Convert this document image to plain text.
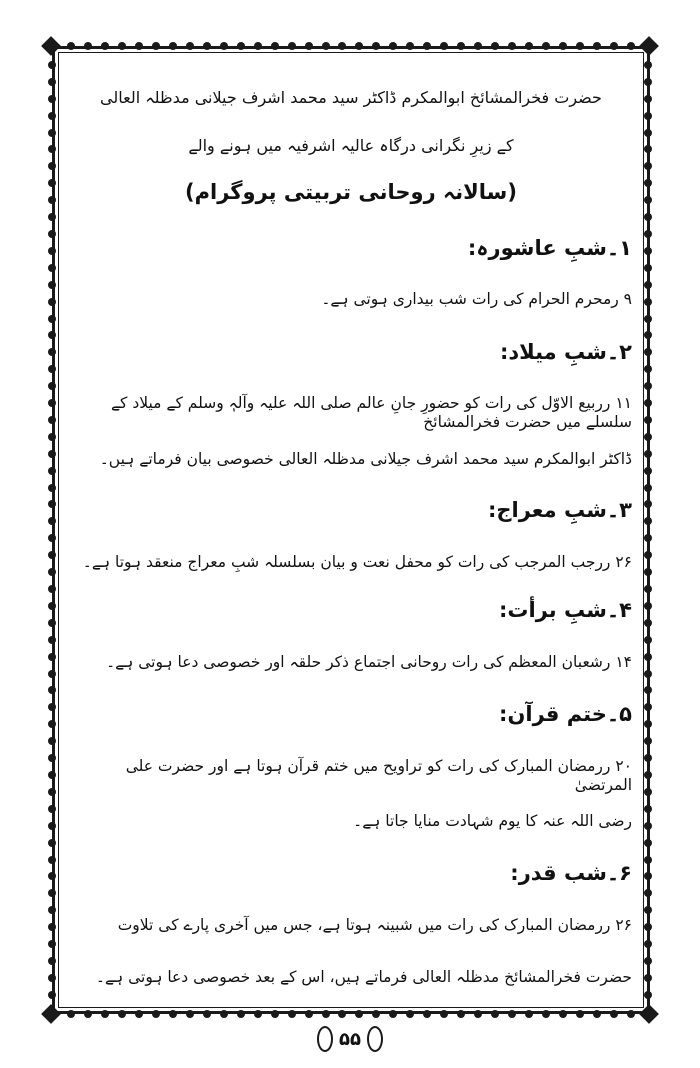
حضرت فخرالمشائخ ابوالمکرم ڈاکٹر سید محمد اشرف جیلانی مدظلہ العالی
کے زیرِ نگرانی درگاہ عالیہ اشرفیہ میں ہونے والے
(سالانہ روحانی تربیتی پروگرام)
۱۔شبِ عاشورہ:
۹ رمحرم الحرام کی رات شب بیداری ہوتی ہے۔
۲۔شبِ میلاد:
۱۱ رربیع الاوّل کی رات کو حضورِ جانِ عالم صلی اللہ علیہ وآلہٖ وسلم کے میلاد کے سلسلے میں حضرت فخرالمشائخ
ڈاکٹر ابوالمکرم سید محمد اشرف جیلانی مدظلہ العالی خصوصی بیان فرماتے ہیں۔
۳۔شبِ معراج:
۲۶ ررجب المرجب کی رات کو محفل نعت و بیان بسلسلہ شبِ معراج منعقد ہوتا ہے۔
۴۔شبِ برأت:
۱۴ رشعبان المعظم کی رات روحانی اجتماع ذکر حلقہ اور خصوصی دعا ہوتی ہے۔
۵۔ختم قرآن:
۲۰ ررمضان المبارک کی رات کو تراویح میں ختم قرآن ہوتا ہے اور حضرت علی المرتضیٰ
رضی اللہ عنہ کا یوم شہادت منایا جاتا ہے۔
۶۔شب قدر:
۲۶ ررمضان المبارک کی رات میں شبینہ ہوتا ہے، جس میں آخری پارے کی تلاوت
حضرت فخرالمشائخ مدظلہ العالی فرماتے ہیں، اس کے بعد خصوصی دعا ہوتی ہے۔
۵۵
